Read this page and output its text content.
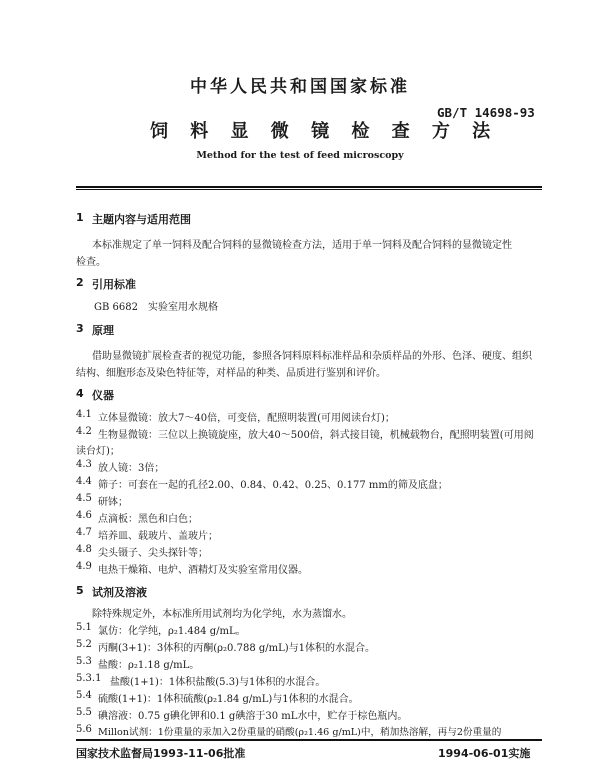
中华人民共和国国家标准
GB/T 14698-93
饲 料 显 微 镜 检 查 方 法
Method for the test of feed microscopy
1 主题内容与适用范围
本标准规定了单一饲料及配合饲料的显微镜检查方法，适用于单一饲料及配合饲料的显微镜定性
检查。
2 引用标准
GB 6682　实验室用水规格
3 原理
借助显微镜扩展检查者的视觉功能，参照各饲料原料标准样品和杂质样品的外形、色泽、硬度、组织
结构、细胞形态及染色特征等，对样品的种类、品质进行鉴别和评价。
4 仪器
4.1 立体显微镜：放大7～40倍，可变倍，配照明装置(可用阅读台灯)；
4.2 生物显微镜：三位以上换镜旋座，放大40～500倍，斜式接目镜，机械载物台，配照明装置(可用阅
读台灯)；
4.3 放人镜：3倍；
4.4 筛子：可套在一起的孔径2.00、0.84、0.42、0.25、0.177 mm的筛及底盘；
4.5 研钵；
4.6 点滴板：黑色和白色；
4.7 培养皿、载玻片、盖玻片；
4.8 尖头镊子、尖头探针等；
4.9 电热干燥箱、电炉、酒精灯及实验室常用仪器。
5 试剂及溶液
除特殊规定外，本标准所用试剂均为化学纯，水为蒸馏水。
5.1 氯仿：化学纯，ρ₂1.484 g/mL。
5.2 丙酮(3+1)：3体积的丙酮(ρ₂0.788 g/mL)与1体积的水混合。
5.3 盐酸：ρ₂1.18 g/mL。
5.3.1 盐酸(1+1)：1体积盐酸(5.3)与1体积的水混合。
5.4 硫酸(1+1)：1体积硫酸(ρ₂1.84 g/mL)与1体积的水混合。
5.5 碘溶液：0.75 g碘化钾和0.1 g碘溶于30 mL水中，贮存于棕色瓶内。
5.6 Millon试剂：1份重量的汞加入2份重量的硝酸(ρ₂1.46 g/mL)中，稍加热溶解，再与2份重量的
国家技术监督局1993-11-06批准	1994-06-01实施
